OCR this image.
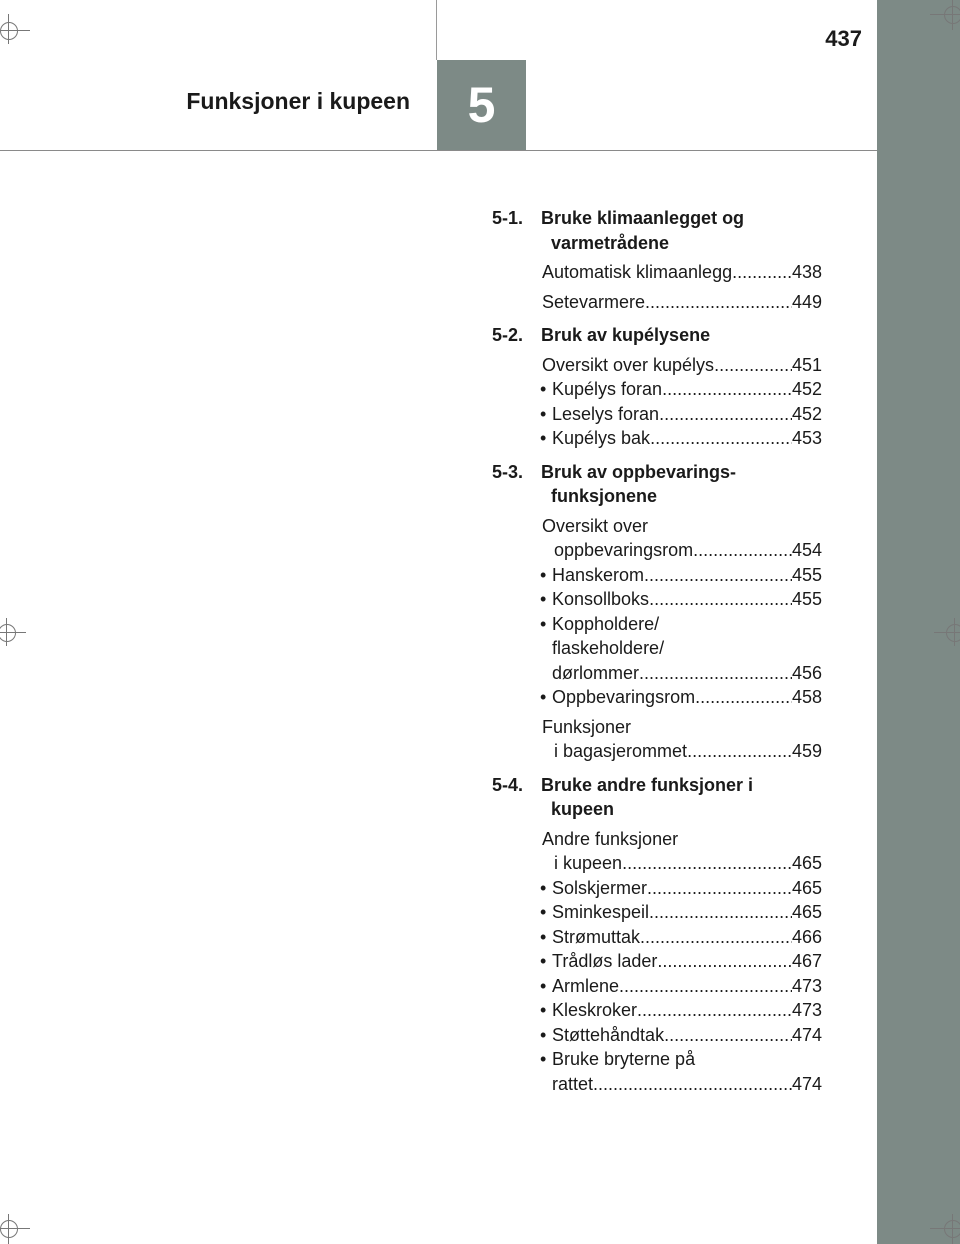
5
Funksjoner i kupeen
437
5-1. Bruke klimaanlegget og varmetrådene
Automatisk klimaanlegg .....	438
Setevarmere .....	449
5-2. Bruk av kupélysene
Oversikt over kupélys .....	451
• Kupélys foran .....	452
• Leselys foran .....	452
• Kupélys bak .....	453
5-3. Bruk av oppbevarings-funksjonene
Oversikt over
oppbevaringsrom .....	454
• Hanskerom .....	455
• Konsollboks .....	455
• Koppholdere/
flaskeholdere/
dørlommer .....	456
• Oppbevaringsrom .....	458
Funksjoner
i bagasjerommet .....	459
5-4. Bruke andre funksjoner i kupeen
Andre funksjoner
i kupeen .....	465
• Solskjermer .....	465
• Sminkespeil .....	465
• Strømuttak .....	466
• Trådløs lader .....	467
• Armlene .....	473
• Kleskroker .....	473
• Støttehåndtak .....	474
• Bruke bryterne på
rattet .....	474
